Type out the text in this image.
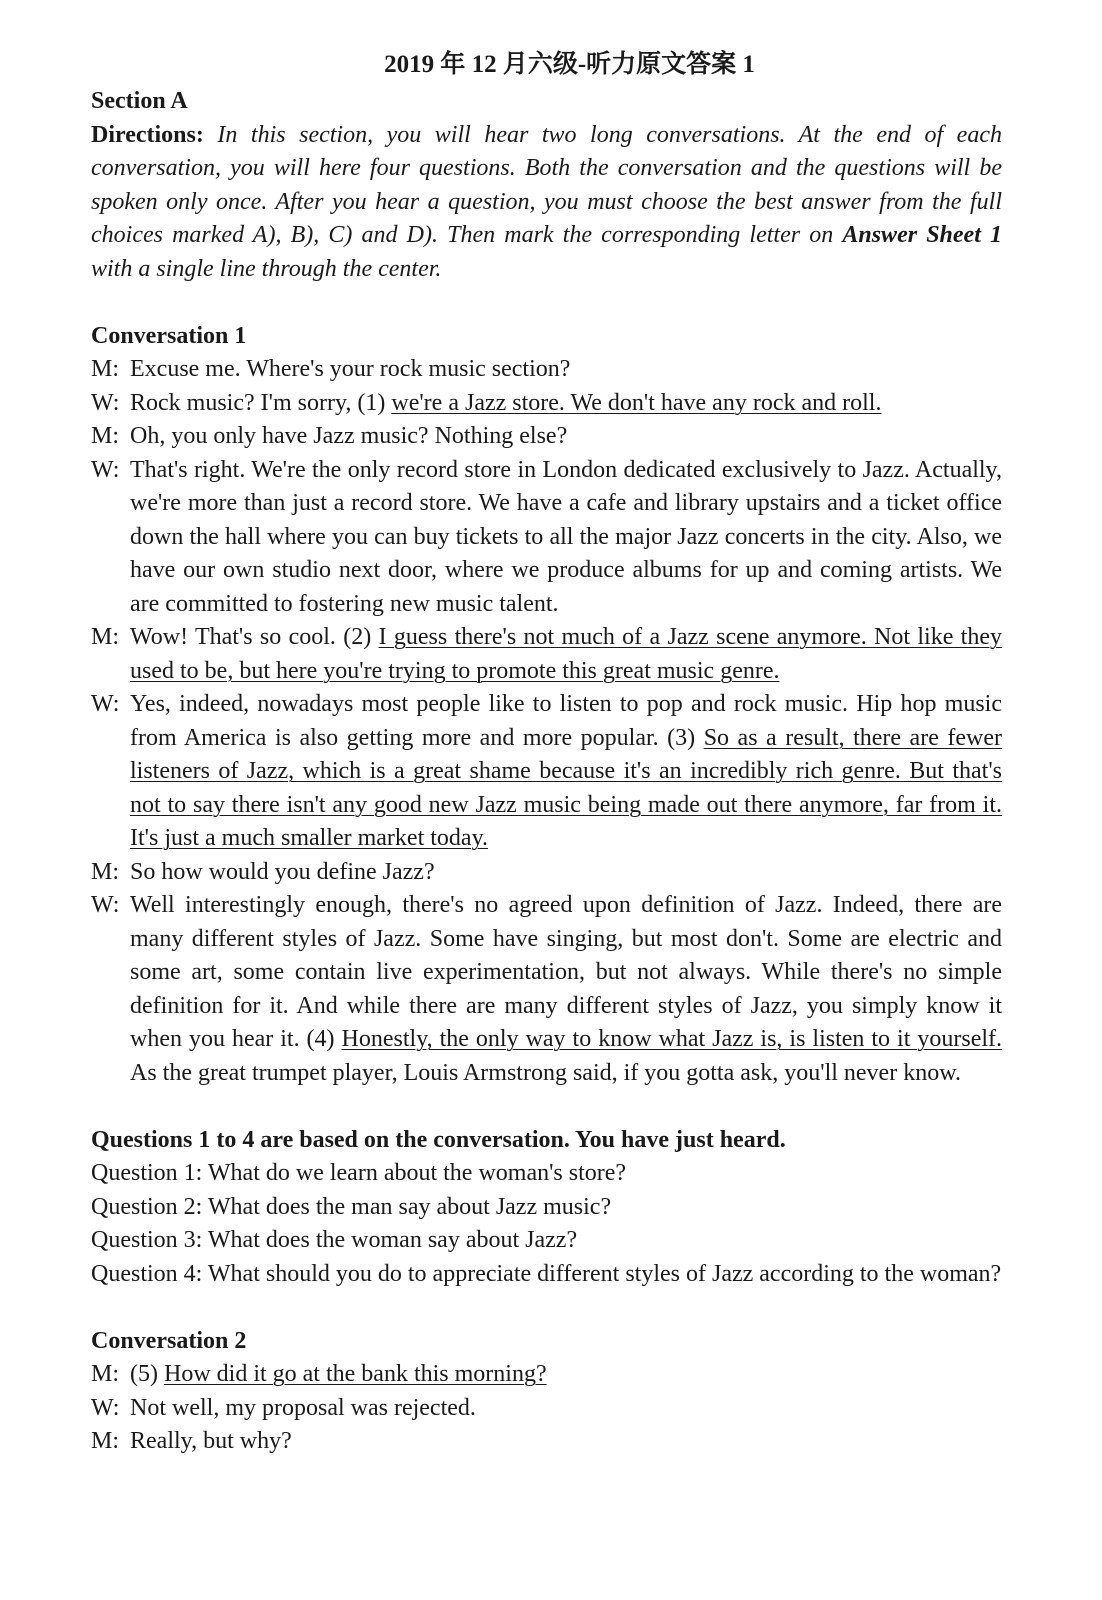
2019 年 12 月六级-听力原文答案 1
Section A
Directions: In this section, you will hear two long conversations. At the end of each conversation, you will here four questions. Both the conversation and the questions will be spoken only once. After you hear a question, you must choose the best answer from the full choices marked A), B), C) and D). Then mark the corresponding letter on Answer Sheet 1 with a single line through the center.
Conversation 1
M: Excuse me. Where's your rock music section?
W: Rock music? I'm sorry, (1) we're a Jazz store. We don't have any rock and roll.
M: Oh, you only have Jazz music? Nothing else?
W: That's right. We're the only record store in London dedicated exclusively to Jazz. Actually, we're more than just a record store. We have a cafe and library upstairs and a ticket office down the hall where you can buy tickets to all the major Jazz concerts in the city. Also, we have our own studio next door, where we produce albums for up and coming artists. We are committed to fostering new music talent.
M: Wow! That's so cool. (2) I guess there's not much of a Jazz scene anymore. Not like they used to be, but here you're trying to promote this great music genre.
W: Yes, indeed, nowadays most people like to listen to pop and rock music. Hip hop music from America is also getting more and more popular. (3) So as a result, there are fewer listeners of Jazz, which is a great shame because it's an incredibly rich genre. But that's not to say there isn't any good new Jazz music being made out there anymore, far from it. It's just a much smaller market today.
M: So how would you define Jazz?
W: Well interestingly enough, there's no agreed upon definition of Jazz. Indeed, there are many different styles of Jazz. Some have singing, but most don't. Some are electric and some art, some contain live experimentation, but not always. While there's no simple definition for it. And while there are many different styles of Jazz, you simply know it when you hear it. (4) Honestly, the only way to know what Jazz is, is listen to it yourself. As the great trumpet player, Louis Armstrong said, if you gotta ask, you'll never know.
Questions 1 to 4 are based on the conversation. You have just heard.
Question 1: What do we learn about the woman's store?
Question 2: What does the man say about Jazz music?
Question 3: What does the woman say about Jazz?
Question 4: What should you do to appreciate different styles of Jazz according to the woman?
Conversation 2
M: (5) How did it go at the bank this morning?
W: Not well, my proposal was rejected.
M: Really, but why?
